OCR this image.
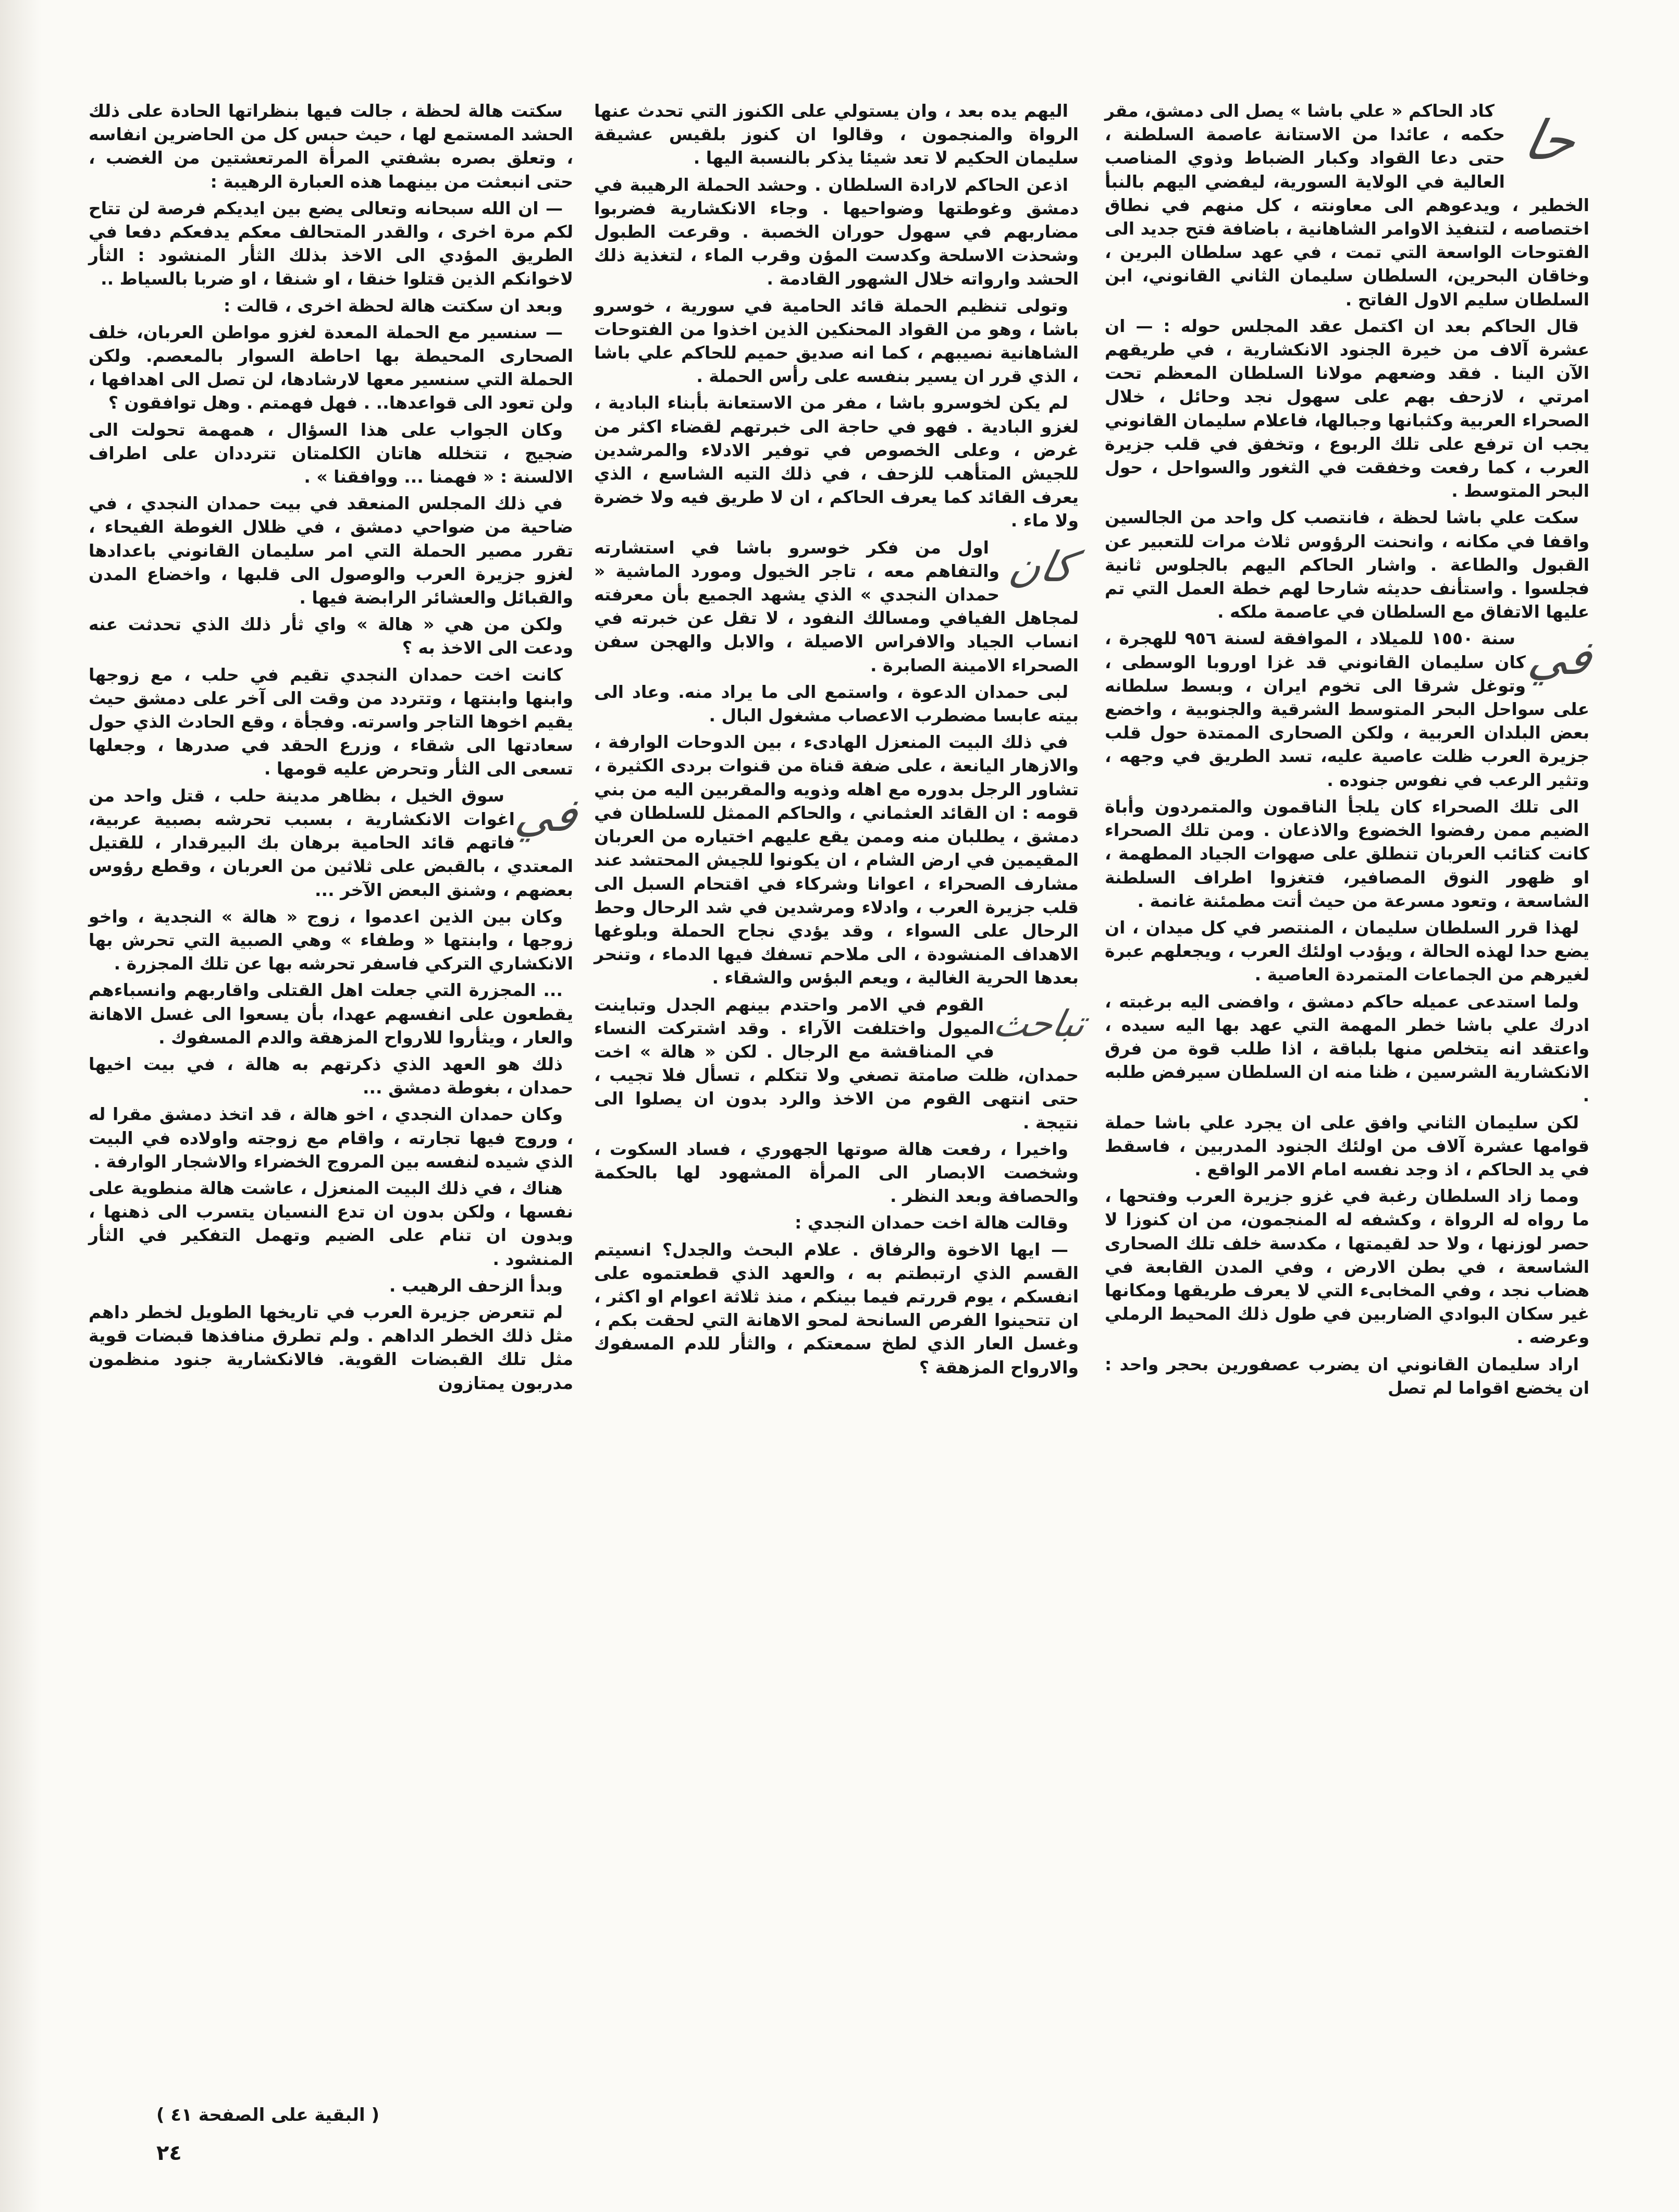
حا

كاد الحاكم « علي باشا » يصل الى دمشق، مقر حكمه ، عائدا من الاستانة عاصمة السلطنة ، حتى دعا القواد وكبار الضباط وذوي المناصب العالية في الولاية السورية، ليفضي اليهم بالنبأ الخطير ، ويدعوهم الى معاونته ، كل منهم في نطاق اختصاصه ، لتنفيذ الاوامر الشاهانية ، باضافة فتح جديد الى الفتوحات الواسعة التي تمت ، في عهد سلطان البرين ، وخاقان البحرين، السلطان سليمان الثاني القانوني، ابن السلطان سليم الاول الفاتح .

قال الحاكم بعد ان اكتمل عقد المجلس حوله : — ان عشرة آلاف من خيرة الجنود الانكشارية ، في طريقهم الآن الينا . فقد وضعهم مولانا السلطان المعظم تحت امرتي ، لازحف بهم على سهول نجد وحائل ، خلال الصحراء العربية وكثبانها وجبالها، فاعلام سليمان القانوني يجب ان ترفع على تلك الربوع ، وتخفق في قلب جزيرة العرب ، كما رفعت وخفقت في الثغور والسواحل ، حول البحر المتوسط .

سكت علي باشا لحظة ، فانتصب كل واحد من الجالسين واقفا في مكانه ، وانحنت الرؤوس ثلاث مرات للتعبير عن القبول والطاعة . واشار الحاكم اليهم بالجلوس ثانية فجلسوا . واستأنف حديثه شارحا لهم خطة العمل التي تم عليها الاتفاق مع السلطان في عاصمة ملكه .

في

سنة ١٥٥٠ للميلاد ، الموافقة لسنة ٩٥٦ للهجرة ، كان سليمان القانوني قد غزا اوروبا الوسطى ، وتوغل شرقا الى تخوم ايران ، وبسط سلطانه على سواحل البحر المتوسط الشرقية والجنوبية ، واخضع بعض البلدان العربية ، ولكن الصحارى الممتدة حول قلب جزيرة العرب ظلت عاصية عليه، تسد الطريق في وجهه ، وتثير الرعب في نفوس جنوده .

الى تلك الصحراء كان يلجأ الناقمون والمتمردون وأباة الضيم ممن رفضوا الخضوع والاذعان . ومن تلك الصحراء كانت كتائب العربان تنطلق على صهوات الجياد المطهمة ، او ظهور النوق المصافير، فتغزوا اطراف السلطنة الشاسعة ، وتعود مسرعة من حيث أتت مطمئنة غانمة .

لهذا قرر السلطان سليمان ، المنتصر في كل ميدان ، ان يضع حدا لهذه الحالة ، ويؤدب اولئك العرب ، ويجعلهم عبرة لغيرهم من الجماعات المتمردة العاصية .

ولما استدعى عميله حاكم دمشق ، وافضى اليه برغبته ، ادرك علي باشا خطر المهمة التي عهد بها اليه سيده ، واعتقد انه يتخلص منها بلباقة ، اذا طلب قوة من فرق الانكشارية الشرسين ، ظنا منه ان السلطان سيرفض طلبه .

لكن سليمان الثاني وافق على ان يجرد علي باشا حملة قوامها عشرة آلاف من اولئك الجنود المدربين ، فاسقط في يد الحاكم ، اذ وجد نفسه امام الامر الواقع .

ومما زاد السلطان رغبة في غزو جزيرة العرب وفتحها ، ما رواه له الرواة ، وكشفه له المنجمون، من ان كنوزا لا حصر لوزنها ، ولا حد لقيمتها ، مكدسة خلف تلك الصحارى الشاسعة ، في بطن الارض ، وفي المدن القابعة في هضاب نجد ، وفي المخابىء التي لا يعرف طريقها ومكانها غير سكان البوادي الضاربين في طول ذلك المحيط الرملي وعرضه .

اراد سليمان القانوني ان يضرب عصفورين بحجر واحد : ان يخضع اقواما لم تصل

اليهم يده بعد ، وان يستولي على الكنوز التي تحدث عنها الرواة والمنجمون ، وقالوا ان كنوز بلقيس عشيقة سليمان الحكيم لا تعد شيئا يذكر بالنسبة اليها .

اذعن الحاكم لارادة السلطان . وحشد الحملة الرهيبة في دمشق وغوطتها وضواحيها . وجاء الانكشارية فضربوا مضاربهم في سهول حوران الخصبة . وقرعت الطبول وشحذت الاسلحة وكدست المؤن وقرب الماء ، لتغذية ذلك الحشد وارواته خلال الشهور القادمة .

وتولى تنظيم الحملة قائد الحامية في سورية ، خوسرو باشا ، وهو من القواد المحنكين الذين اخذوا من الفتوحات الشاهانية نصيبهم ، كما انه صديق حميم للحاكم علي باشا ، الذي قرر ان يسير بنفسه على رأس الحملة .

لم يكن لخوسرو باشا ، مفر من الاستعانة بأبناء البادية ، لغزو البادية . فهو في حاجة الى خبرتهم لقضاء اكثر من غرض ، وعلى الخصوص في توفير الادلاء والمرشدين للجيش المتأهب للزحف ، في ذلك التيه الشاسع ، الذي يعرف القائد كما يعرف الحاكم ، ان لا طريق فيه ولا خضرة ولا ماء .

كان

اول من فكر خوسرو باشا في استشارته والتفاهم معه ، تاجر الخيول ومورد الماشية « حمدان النجدي » الذي يشهد الجميع بأن معرفته لمجاهل الفيافي ومسالك النفود ، لا تقل عن خبرته في انساب الجياد والافراس الاصيلة ، والابل والهجن سفن الصحراء الامينة الصابرة .

لبى حمدان الدعوة ، واستمع الى ما يراد منه. وعاد الى بيته عابسا مضطرب الاعصاب مشغول البال .

في ذلك البيت المنعزل الهادىء ، بين الدوحات الوارفة ، والازهار اليانعة ، على ضفة قناة من قنوات بردى الكثيرة ، تشاور الرجل بدوره مع اهله وذويه والمقربين اليه من بني قومه : ان القائد العثماني ، والحاكم الممثل للسلطان في دمشق ، يطلبان منه وممن يقع عليهم اختياره من العربان المقيمين في ارض الشام ، ان يكونوا للجيش المحتشد عند مشارف الصحراء ، اعوانا وشركاء في اقتحام السبل الى قلب جزيرة العرب ، وادلاء ومرشدين في شد الرحال وحط الرحال على السواء ، وقد يؤدي نجاح الحملة وبلوغها الاهداف المنشودة ، الى ملاحم تسفك فيها الدماء ، وتنحر بعدها الحرية الغالية ، ويعم البؤس والشقاء .

تباحث

القوم في الامر واحتدم بينهم الجدل وتباينت الميول واختلفت الآراء . وقد اشتركت النساء في المناقشة مع الرجال . لكن « هالة » اخت حمدان، ظلت صامتة تصغي ولا تتكلم ، تسأل فلا تجيب ، حتى انتهى القوم من الاخذ والرد بدون ان يصلوا الى نتيجة .

واخيرا ، رفعت هالة صوتها الجهوري ، فساد السكوت ، وشخصت الابصار الى المرأة المشهود لها بالحكمة والحصافة وبعد النظر .

وقالت هالة اخت حمدان النجدي :

— ايها الاخوة والرفاق . علام البحث والجدل؟ انسيتم القسم الذي ارتبطتم به ، والعهد الذي قطعتموه على انفسكم ، يوم قررتم فيما بينكم ، منذ ثلاثة اعوام او اكثر ، ان تتحينوا الفرص السانحة لمحو الاهانة التي لحقت بكم ، وغسل العار الذي لطخ سمعتكم ، والثأر للدم المسفوك والارواح المزهقة ؟

سكتت هالة لحظة ، جالت فيها بنظراتها الحادة على ذلك الحشد المستمع لها ، حيث حبس كل من الحاضرين انفاسه ، وتعلق بصره بشفتي المرأة المرتعشتين من الغضب ، حتى انبعثت من بينهما هذه العبارة الرهيبة :

— ان الله سبحانه وتعالى يضع بين ايديكم فرصة لن تتاح لكم مرة اخرى ، والقدر المتحالف معكم يدفعكم دفعا في الطريق المؤدي الى الاخذ بذلك الثأر المنشود : الثأر لاخوانكم الذين قتلوا خنقا ، او شنقا ، او ضربا بالسياط ..

وبعد ان سكتت هالة لحظة اخرى ، قالت :

— سنسير مع الحملة المعدة لغزو مواطن العربان، خلف الصحارى المحيطة بها احاطة السوار بالمعصم. ولكن الحملة التي سنسير معها لارشادها، لن تصل الى اهدافها ، ولن تعود الى قواعدها.. . فهل فهمتم . وهل توافقون ؟

وكان الجواب على هذا السؤال ، همهمة تحولت الى ضجيج ، تتخلله هاتان الكلمتان تترددان على اطراف الالسنة : « فهمنا ... ووافقنا » .

في ذلك المجلس المنعقد في بيت حمدان النجدي ، في ضاحية من ضواحي دمشق ، في ظلال الغوطة الفيحاء ، تقرر مصير الحملة التي امر سليمان القانوني باعدادها لغزو جزيرة العرب والوصول الى قلبها ، واخضاع المدن والقبائل والعشائر الرابضة فيها .

ولكن من هي « هالة » واي ثأر ذلك الذي تحدثت عنه ودعت الى الاخذ به ؟

كانت اخت حمدان النجدي تقيم في حلب ، مع زوجها وابنها وابنتها ، وتتردد من وقت الى آخر على دمشق حيث يقيم اخوها التاجر واسرته. وفجأة ، وقع الحادث الذي حول سعادتها الى شقاء ، وزرع الحقد في صدرها ، وجعلها تسعى الى الثأر وتحرض عليه قومها .

في

سوق الخيل ، بظاهر مدينة حلب ، قتل واحد من اغوات الانكشارية ، بسبب تحرشه بصبية عربية، فاتهم قائد الحامية برهان بك البيرقدار ، للقتيل المعتدي ، بالقبض على ثلاثين من العربان ، وقطع رؤوس بعضهم ، وشنق البعض الآخر ...

وكان بين الذين اعدموا ، زوج « هالة » النجدية ، واخو زوجها ، وابنتها « وطفاء » وهي الصبية التي تحرش بها الانكشاري التركي فاسفر تحرشه بها عن تلك المجزرة .

... المجزرة التي جعلت اهل القتلى واقاربهم وانسباءهم يقطعون على انفسهم عهدا، بأن يسعوا الى غسل الاهانة والعار ، ويثأروا للارواح المزهقة والدم المسفوك .

ذلك هو العهد الذي ذكرتهم به هالة ، في بيت اخيها حمدان ، بغوطة دمشق ...

وكان حمدان النجدي ، اخو هالة ، قد اتخذ دمشق مقرا له ، وروج فيها تجارته ، واقام مع زوجته واولاده في البيت الذي شيده لنفسه بين المروج الخضراء والاشجار الوارفة .

هناك ، في ذلك البيت المنعزل ، عاشت هالة منطوية على نفسها ، ولكن بدون ان تدع النسيان يتسرب الى ذهنها ، وبدون ان تنام على الضيم وتهمل التفكير في الثأر المنشود .

وبدأ الزحف الرهيب .

لم تتعرض جزيرة العرب في تاريخها الطويل لخطر داهم مثل ذلك الخطر الداهم . ولم تطرق منافذها قبضات قوية مثل تلك القبضات القوية. فالانكشارية جنود منظمون مدربون يمتازون

( البقية على الصفحة ٤١ )
٢٤
